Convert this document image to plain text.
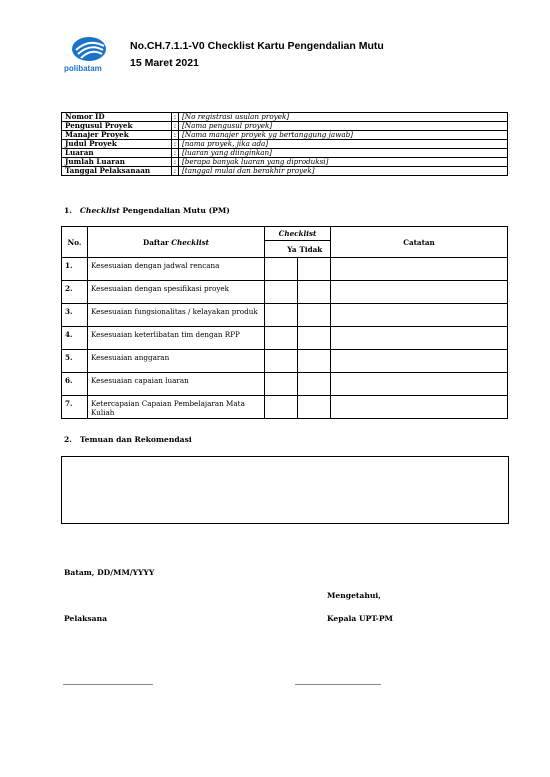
polibatam
No.CH.7.1.1-V0 Checklist Kartu Pengendalian Mutu
15 Maret 2021
Nomor ID	:	[No registrasi usulan proyek]
Pengusul Proyek	:	[Nama pengusul proyek]
Manajer Proyek	:	[Nama manajer proyek yg bertanggung jawab]
Judul Proyek	:	[nama proyek, jika ada]
Luaran	:	[luaran yang diinginkan]
Jumlah Luaran	:	[berapa banyak luaran yang diproduksi]
Tanggal Pelaksanaan	:	[tanggal mulai dan berakhir proyek]
1. Checklist Pengendalian Mutu (PM)
No.	Daftar Checklist	Checklist		Catatan
		Ya	Tidak	
1.	Kesesuaian dengan jadwal rencana			
2.	Kesesuaian dengan spesifikasi proyek			
3.	Kesesuaian fungsionalitas / kelayakan produk			
4.	Kesesuaian keterlibatan tim dengan RPP			
5.	Kesesuaian anggaran			
6.	Kesesuaian capaian luaran			
7.	Ketercapaian Capaian Pembelajaran Mata Kuliah			
2. Temuan dan Rekomendasi
Batam, DD/MM/YYYY
Mengetahui,
Pelaksana	Kepala UPT-PM
